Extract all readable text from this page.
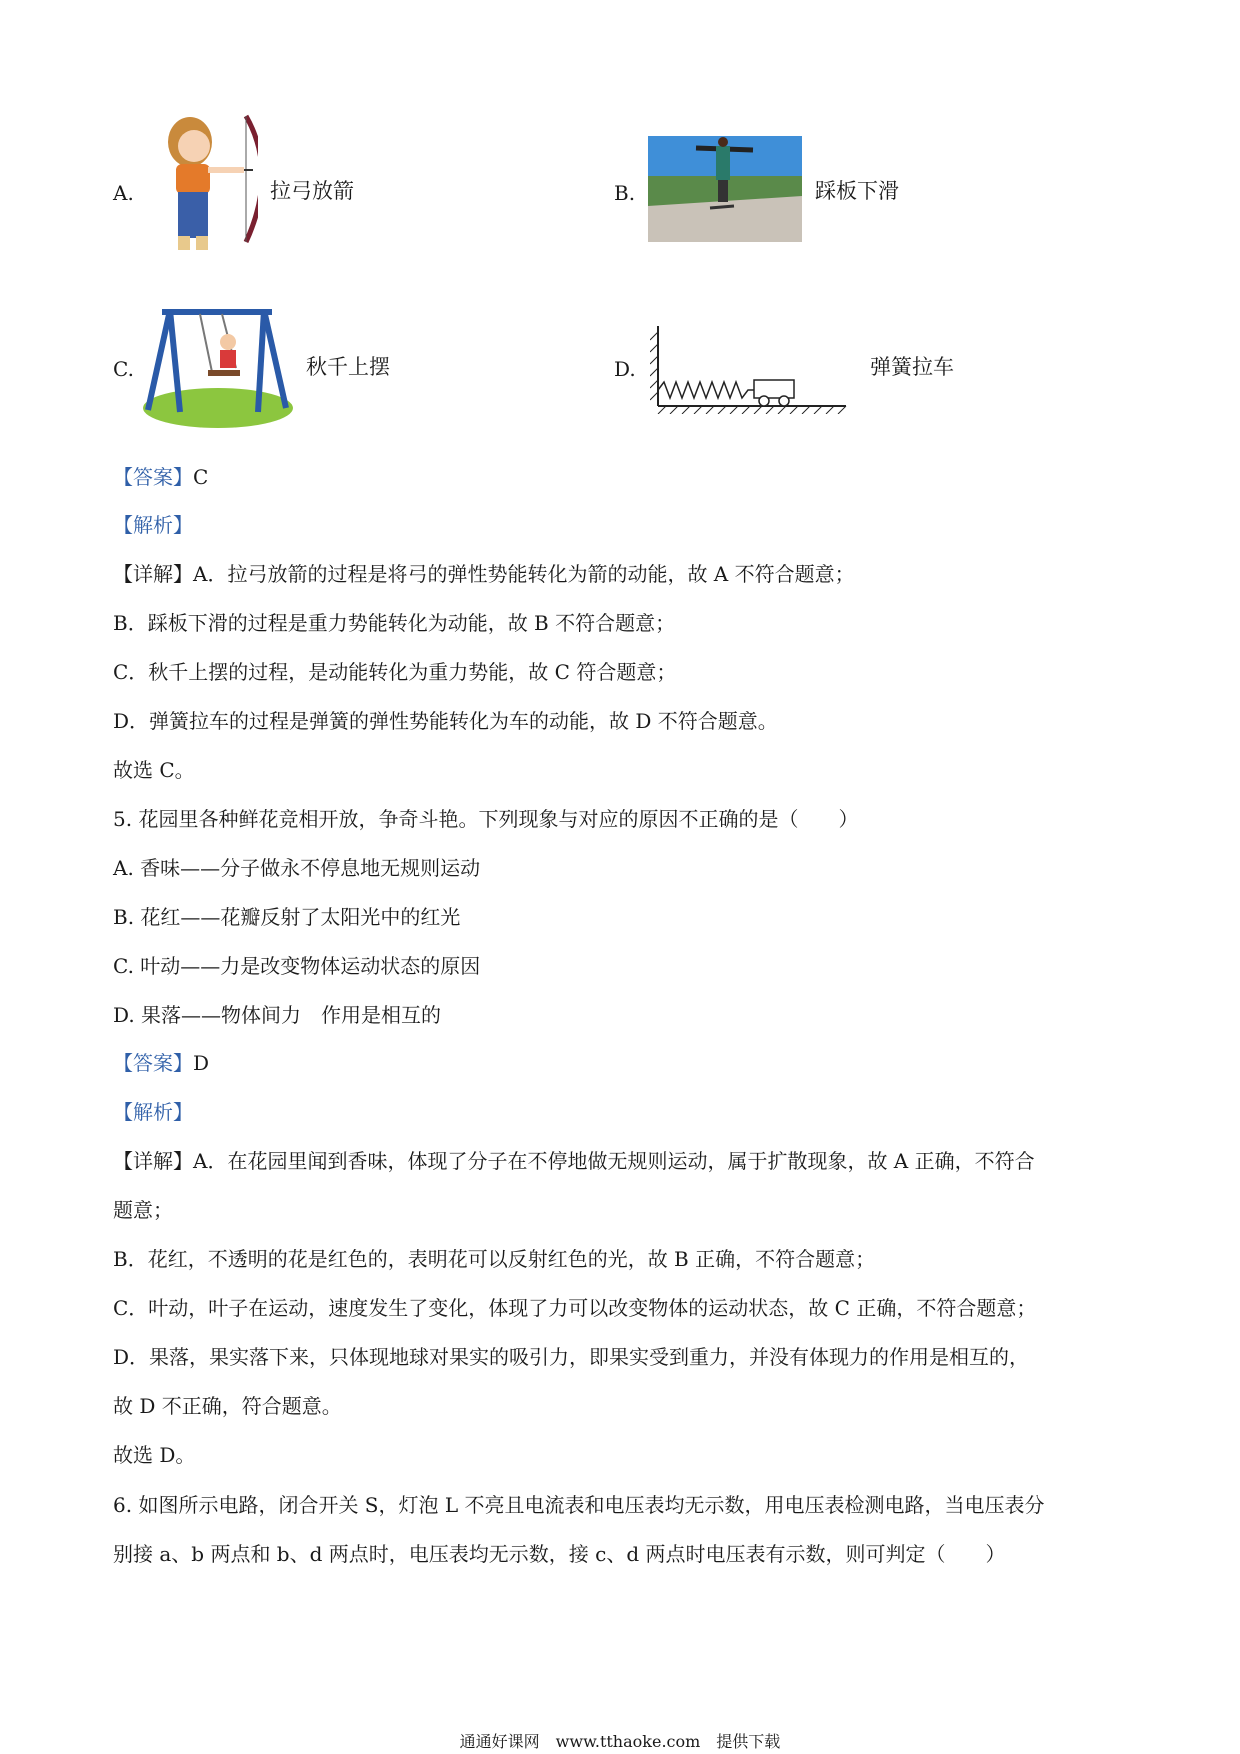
A.	拉弓放箭	B.	踩板下滑
C.	秋千上摆	D.	弹簧拉车
【答案】C
【解析】
【详解】A．拉弓放箭的过程是将弓的弹性势能转化为箭的动能，故 A 不符合题意；
B．踩板下滑的过程是重力势能转化为动能，故 B 不符合题意；
C．秋千上摆的过程，是动能转化为重力势能，故 C 符合题意；
D．弹簧拉车的过程是弹簧的弹性势能转化为车的动能，故 D 不符合题意。
故选 C。
5. 花园里各种鲜花竞相开放，争奇斗艳。下列现象与对应的原因不正确的是（　　）
A. 香味——分子做永不停息地无规则运动
B. 花红——花瓣反射了太阳光中的红光
C. 叶动——力是改变物体运动状态的原因
D. 果落——物体间力　作用是相互的
【答案】D
【解析】
【详解】A．在花园里闻到香味，体现了分子在不停地做无规则运动，属于扩散现象，故 A 正确，不符合
题意；
B．花红，不透明的花是红色的，表明花可以反射红色的光，故 B 正确，不符合题意；
C．叶动，叶子在运动，速度发生了变化，体现了力可以改变物体的运动状态，故 C 正确，不符合题意；
D．果落，果实落下来，只体现地球对果实的吸引力，即果实受到重力，并没有体现力的作用是相互的，
故 D 不正确，符合题意。
故选 D。
6. 如图所示电路，闭合开关 S，灯泡 L 不亮且电流表和电压表均无示数，用电压表检测电路，当电压表分
别接 a、b 两点和 b、d 两点时，电压表均无示数，接 c、d 两点时电压表有示数，则可判定（　　）
通通好课网　www.tthaoke.com　提供下载
